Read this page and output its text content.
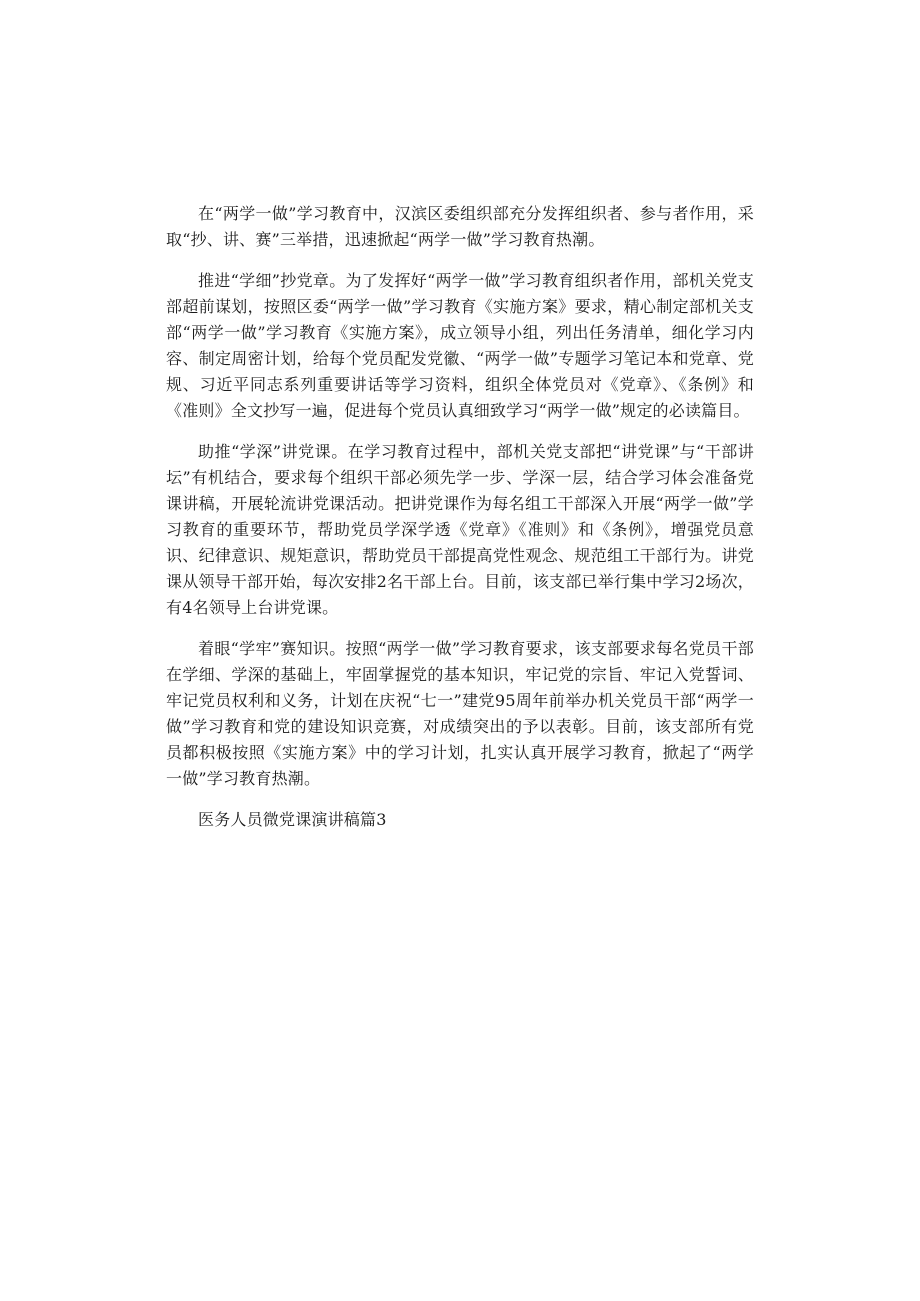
在“两学一做”学习教育中，汉滨区委组织部充分发挥组织者、参与者作用，采取“抄、讲、赛”三举措，迅速掀起“两学一做”学习教育热潮。

推进“学细”抄党章。为了发挥好“两学一做”学习教育组织者作用，部机关党支部超前谋划，按照区委“两学一做”学习教育《实施方案》要求，精心制定部机关支部“两学一做”学习教育《实施方案》，成立领导小组，列出任务清单，细化学习内容、制定周密计划，给每个党员配发党徽、“两学一做”专题学习笔记本和党章、党规、习近平同志系列重要讲话等学习资料，组织全体党员对《党章》、《条例》和《准则》全文抄写一遍，促进每个党员认真细致学习“两学一做”规定的必读篇目。

助推“学深”讲党课。在学习教育过程中，部机关党支部把“讲党课”与“干部讲坛”有机结合，要求每个组织干部必须先学一步、学深一层，结合学习体会准备党课讲稿，开展轮流讲党课活动。把讲党课作为每名组工干部深入开展“两学一做”学习教育的重要环节，帮助党员学深学透《党章》《准则》和《条例》，增强党员意识、纪律意识、规矩意识，帮助党员干部提高党性观念、规范组工干部行为。讲党课从领导干部开始，每次安排2名干部上台。目前，该支部已举行集中学习2场次，有4名领导上台讲党课。

着眼“学牢”赛知识。按照“两学一做”学习教育要求，该支部要求每名党员干部在学细、学深的基础上，牢固掌握党的基本知识，牢记党的宗旨、牢记入党誓词、牢记党员权利和义务，计划在庆祝“七一”建党95周年前举办机关党员干部“两学一做”学习教育和党的建设知识竞赛，对成绩突出的予以表彰。目前，该支部所有党员都积极按照《实施方案》中的学习计划，扎实认真开展学习教育，掀起了“两学一做”学习教育热潮。

医务人员微党课演讲稿篇3
